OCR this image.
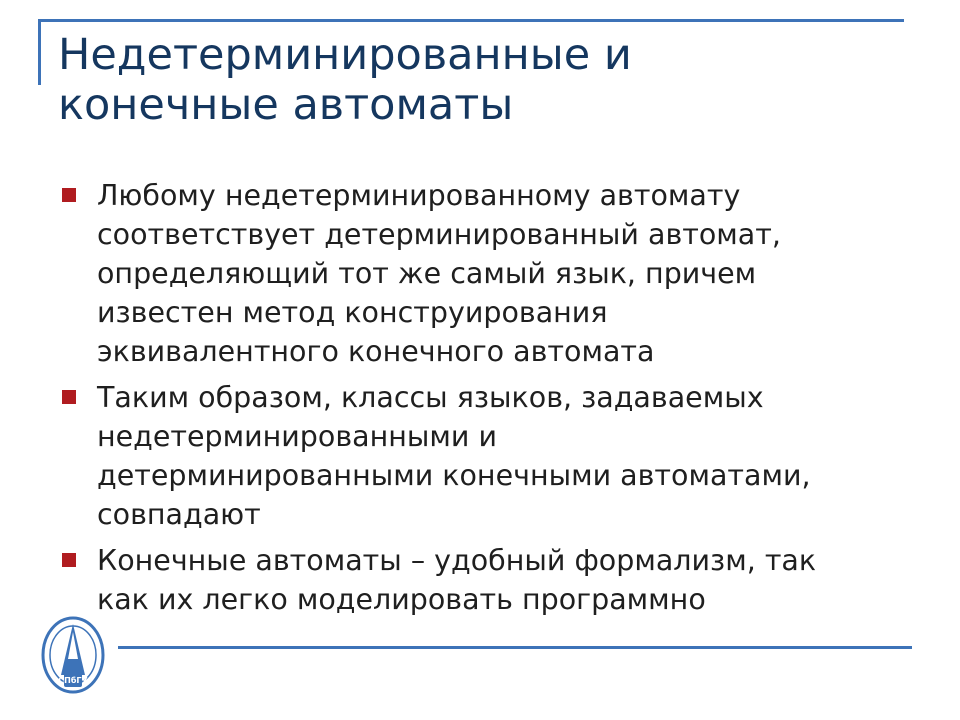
Недетерминированные и
конечные автоматы
Любому недетерминированному автомату
соответствует детерминированный автомат,
определяющий тот же самый язык, причем
известен метод конструирования
эквивалентного конечного автомата
Таким образом, классы языков, задаваемых
недетерминированными и
детерминированными конечными автоматами,
совпадают
Конечные автоматы – удобный формализм, так
как их легко моделировать программно
СПбГУ
